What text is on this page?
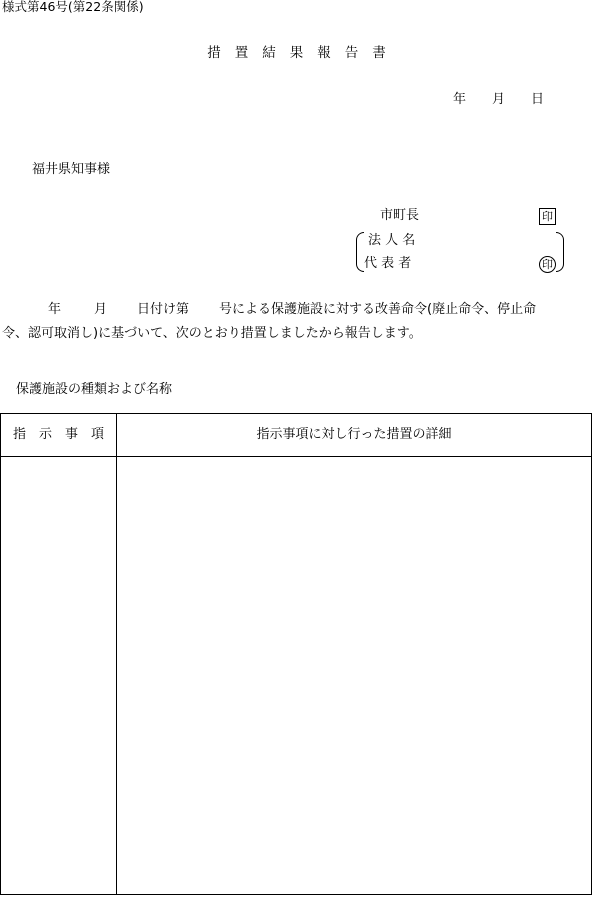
様式第46号(第22条関係)
措 置 結 果 報 告 書
年 月 日
福井県知事様
市町長	印
法 人 名
代 表 者	印
年	月 日付け第 号による保護施設に対する改善命令(廃止命令、停止命
令、認可取消し)に基づいて、次のとおり措置しましたから報告します。
保護施設の種類および名称
指　示　事　項	指示事項に対し行った措置の詳細
